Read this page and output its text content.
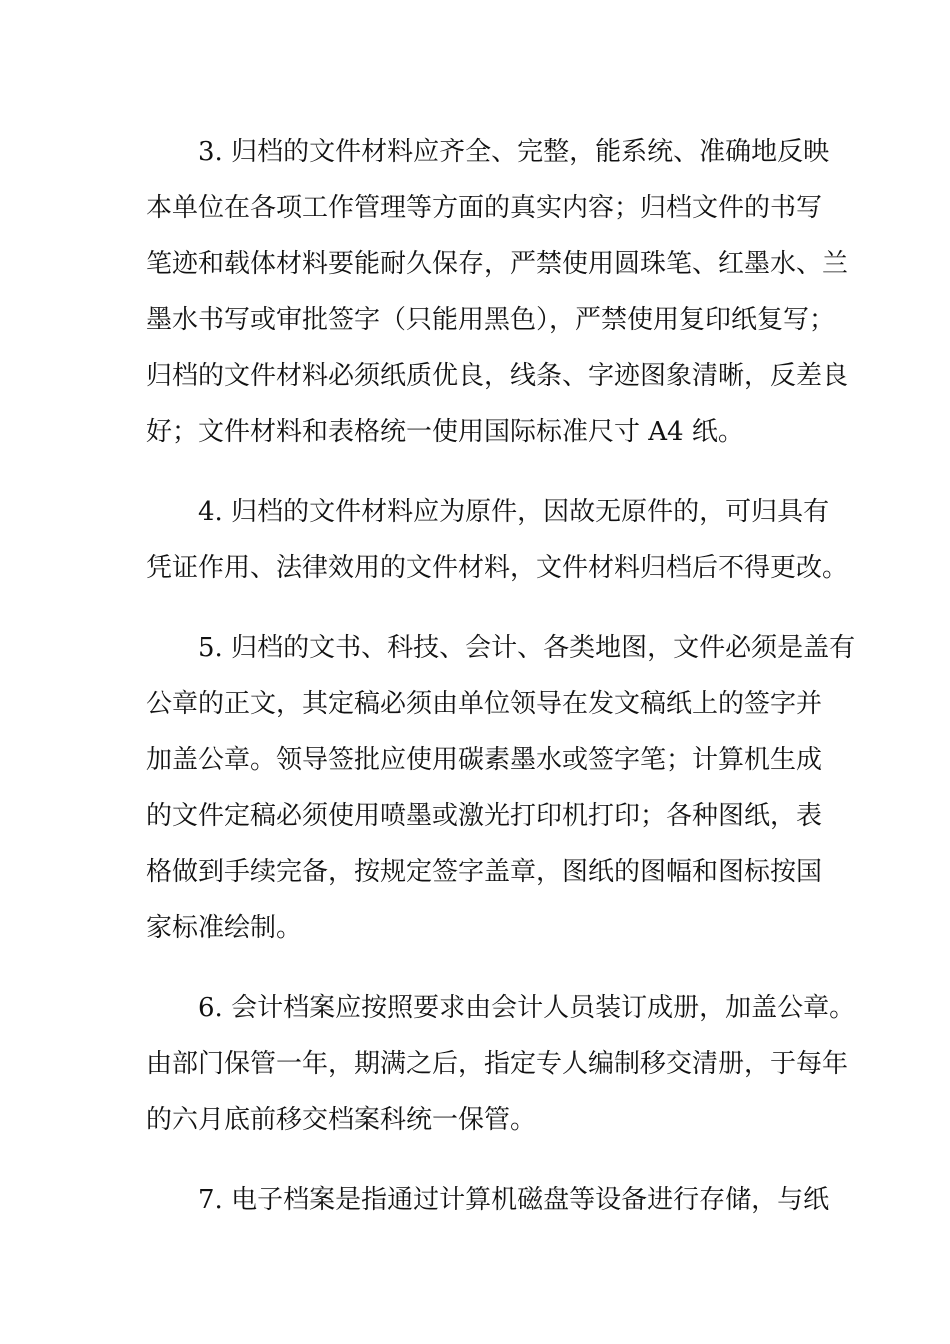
3. 归档的文件材料应齐全、完整，能系统、准确地反映
本单位在各项工作管理等方面的真实内容；归档文件的书写
笔迹和载体材料要能耐久保存，严禁使用圆珠笔、红墨水、兰
墨水书写或审批签字（只能用黑色），严禁使用复印纸复写；
归档的文件材料必须纸质优良，线条、字迹图象清晰，反差良
好；文件材料和表格统一使用国际标准尺寸 A4 纸。
4. 归档的文件材料应为原件，因故无原件的，可归具有
凭证作用、法律效用的文件材料，文件材料归档后不得更改。
5. 归档的文书、科技、会计、各类地图，文件必须是盖有
公章的正文，其定稿必须由单位领导在发文稿纸上的签字并
加盖公章。领导签批应使用碳素墨水或签字笔；计算机生成
的文件定稿必须使用喷墨或激光打印机打印；各种图纸，表
格做到手续完备，按规定签字盖章，图纸的图幅和图标按国
家标准绘制。
6. 会计档案应按照要求由会计人员装订成册，加盖公章。
由部门保管一年，期满之后，指定专人编制移交清册，于每年
的六月底前移交档案科统一保管。
7. 电子档案是指通过计算机磁盘等设备进行存储，与纸
